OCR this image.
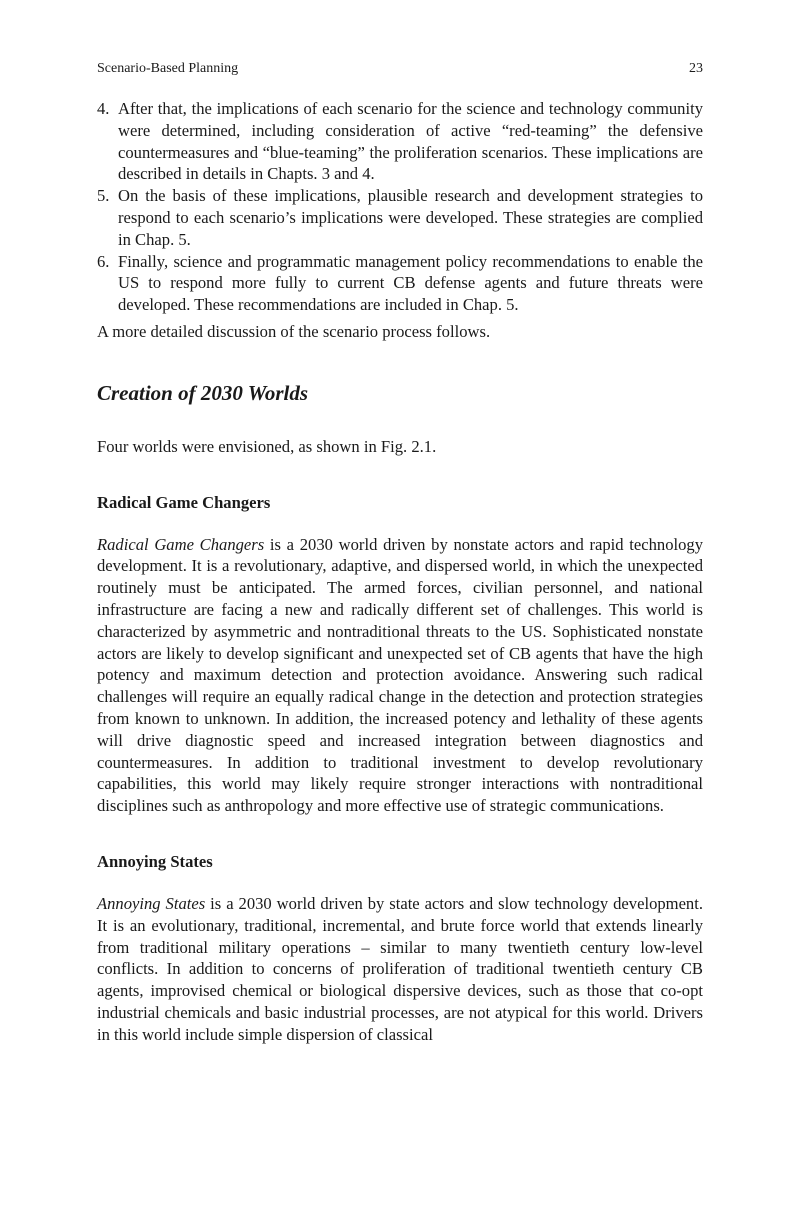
Scenario-Based Planning	23
4. After that, the implications of each scenario for the science and technology community were determined, including consideration of active “red-teaming” the defensive countermeasures and “blue-teaming” the proliferation scenarios. These implications are described in details in Chapts. 3 and 4.
5. On the basis of these implications, plausible research and development strategies to respond to each scenario’s implications were developed. These strategies are complied in Chap. 5.
6. Finally, science and programmatic management policy recommendations to enable the US to respond more fully to current CB defense agents and future threats were developed. These recommendations are included in Chap. 5.
A more detailed discussion of the scenario process follows.
Creation of 2030 Worlds
Four worlds were envisioned, as shown in Fig. 2.1.
Radical Game Changers

Radical Game Changers is a 2030 world driven by nonstate actors and rapid technology development. It is a revolutionary, adaptive, and dispersed world, in which the unexpected routinely must be anticipated. The armed forces, civilian personnel, and national infrastructure are facing a new and radically different set of challenges. This world is characterized by asymmetric and nontraditional threats to the US. Sophisticated nonstate actors are likely to develop significant and unexpected set of CB agents that have the high potency and maximum detection and protection avoidance. Answering such radical challenges will require an equally radical change in the detection and protection strategies from known to unknown. In addition, the increased potency and lethality of these agents will drive diagnostic speed and increased integration between diagnostics and countermeasures. In addition to traditional investment to develop revolutionary capabilities, this world may likely require stronger interactions with nontraditional disciplines such as anthropology and more effective use of strategic communications.

Annoying States

Annoying States is a 2030 world driven by state actors and slow technology development. It is an evolutionary, traditional, incremental, and brute force world that extends linearly from traditional military operations – similar to many twentieth century low-level conflicts. In addition to concerns of proliferation of traditional twentieth century CB agents, improvised chemical or biological dispersive devices, such as those that co-opt industrial chemicals and basic industrial processes, are not atypical for this world. Drivers in this world include simple dispersion of classical
